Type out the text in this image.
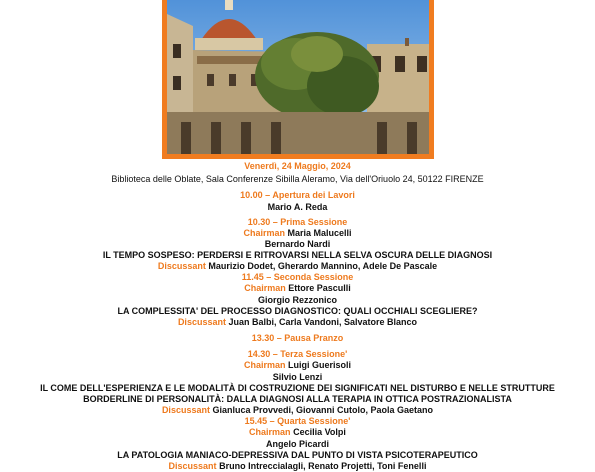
Venerdì, 24 Maggio, 2024
Biblioteca delle Oblate, Sala Conferenze Sibilla Aleramo, Via dell'Oriuolo 24, 50122 FIRENZE
10.00 – Apertura dei Lavori
Mario A. Reda
10.30 – Prima Sessione
Chairman Maria Malucelli
Bernardo Nardi
IL TEMPO SOSPESO: PERDERSI E RITROVARSI NELLA SELVA OSCURA DELLE DIAGNOSI
Discussant Maurizio Dodet, Gherardo Mannino, Adele De Pascale
11.45 – Seconda Sessione
Chairman Ettore Pasculli
Giorgio Rezzonico
LA COMPLESSITA' DEL PROCESSO DIAGNOSTICO: QUALI OCCHIALI SCEGLIERE?
Discussant Juan Balbi, Carla Vandoni, Salvatore Blanco
13.30 – Pausa Pranzo
14.30 – Terza Sessione'
Chairman Luigi Guerisoli
Silvio Lenzi
IL COME DELL'ESPERIENZA E LE MODALITÀ DI COSTRUZIONE DEI SIGNIFICATI NEL DISTURBO E NELLE STRUTTURE
BORDERLINE DI PERSONALITÀ: DALLA DIAGNOSI ALLA TERAPIA IN OTTICA POSTRAZIONALISTA
Discussant Gianluca Provvedi, Giovanni Cutolo, Paola Gaetano
15.45 – Quarta Sessione'
Chairman Cecilia Volpi
Angelo Picardi
LA PATOLOGIA MANIACO-DEPRESSIVA DAL PUNTO DI VISTA PSICOTERAPEUTICO
Discussant Bruno Intreccialagli, Renato Projetti, Toni Fenelli
